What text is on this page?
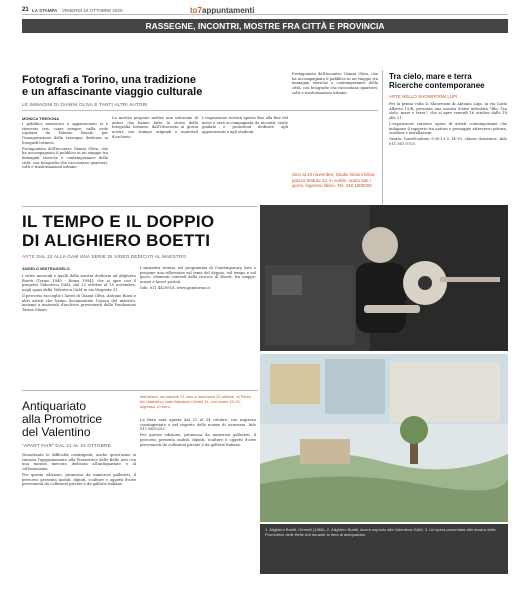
21 LA STAMPA VENERDÌ 10 OTTOBRE 2020	to7appuntamenti
RASSEGNE, INCONTRI, MOSTRE FRA CITTÀ E PROVINCIA
Fotografi a Torino, una tradizione
e un affascinante viaggio culturale
LE IMMAGINI DI GIANNI OLIVA E TANTI ALTRI AUTORI
MONICA TREGONA

I pubblico numeroso e appassionato si è ritrovato ieri, come sempre, nella sede ospitata da Palazzo Barolo per l'inaugurazione della rassegna dedicata ai fotografi torinesi.

Protagonista dell'incontro Gianni Oliva, che ha accompagnato il pubblico in un viaggio tra immagini storiche e contemporanee della città, con fotografie che raccontano quartieri, volti e trasformazioni urbane.

La mostra propone inoltre una selezione di autori che hanno fatto la storia della fotografia torinese, dall'Ottocento ai giorni nostri, con stampe originali e materiali d'archivio.

L'esposizione resterà aperta fino alla fine del mese e sarà accompagnata da incontri, visite guidate e proiezioni dedicate agli appassionati e agli studenti.

Protagonista dell'incontro Gianni Oliva, che ha accompagnato il pubblico in un viaggio tra immagini storiche e contemporanee della città, con fotografie che raccontano quartieri, volti e trasformazioni urbane.

Sino al 10 novembre, Studio Gianni Oliva, piazza Statuto 13, in cortile, orario tutti i giorni, ingresso libero. Tel. 348 1800000
Tra cielo, mare e terra Ricerche contemporanee
ARTE NELLO SHOWROOM LUPI

Per la prima volta lo Showroom di Antonio Lupi, in via Carlo Alberto 15/B, presenta una mostra d'arte intitolata "Blu. Tra cielo, mare e terra", che si apre venerdì 16 ottobre dalle 18 alle 21.

L'esposizione riunisce opere di artisti contemporanei che indagano il rapporto tra natura e paesaggio attraverso pittura, scultura e installazioni.

Orario: lunedì-sabato 9,30-13 e 14-19, chiuso domenica. Info 011 561 0720.

IL TEMPO E IL DOPPIO
DI ALIGHIERO BOETTI
ARTE DAL 22 ALLA GAM UNA SERIE DI VIDEO DEDICATI AL MAESTRO
ANGELO MISTRANGELO

I video musicali e quelli della mostra dedicata ad Alighiero Boetti (Torino 1940 - Roma 1994), che si apre con il progetto Videoteca GAM, dal 22 ottobre al 15 novembre, negli spazi della Videoteca GAM in via Magenta 31.

Il percorso raccoglie i lavori di Gianni Oliva, Antonio Rossi e altri artisti che hanno documentato l'opera del maestro, insieme a materiali d'archivio provenienti dalla Fondazione Torino Musei.

L'iniziativa rientra nel programma di Contemporary Arts e propone una riflessione sul tema del doppio, sul tempo e sul gioco, elementi centrali della ricerca di Boetti, tra mappe, arazzi e lavori postali.

Info: 011 4429518, www.gamtorino.it

Antiquariato
alla Promotrice
del Valentino
"APART FAIR" DAL 21 AL 24 OTTOBRE

Nonostante le difficoltà contingenti, anche quest'anno si rinnova l'appuntamento alla Promotrice delle Belle Arti con una mostra mercato dedicata all'antiquariato e al collezionismo.

Per questa edizione, promossa da numerosi galleristi, il percorso presenta mobili, dipinti, sculture e oggetti d'arte provenienti da collezioni private e da gallerie italiane.

dall'ottavo, da martedì 21 sino a domenica 25 ottobre, al Parco del Valentino, viale Balsamo Crivelli 11, con orario 10-20, ingresso 10 euro.

La fiera sarà aperta dal 21 al 24 ottobre, con ingresso contingentato e nel rispetto delle norme di sicurezza. Info 011 6615252.

Per questa edizione, promossa da numerosi galleristi, il percorso presenta mobili, dipinti, sculture e oggetti d'arte provenienti da collezioni private e da gallerie italiane.

1. Alighiero Boetti, Gemelli (1968), 2. Alighiero Boetti, lavoro esposto alla Videoteca GAM, 3. Un'opera presentata alla mostra della Promotrice delle Belle Arti durante la fiera di antiquariato.
